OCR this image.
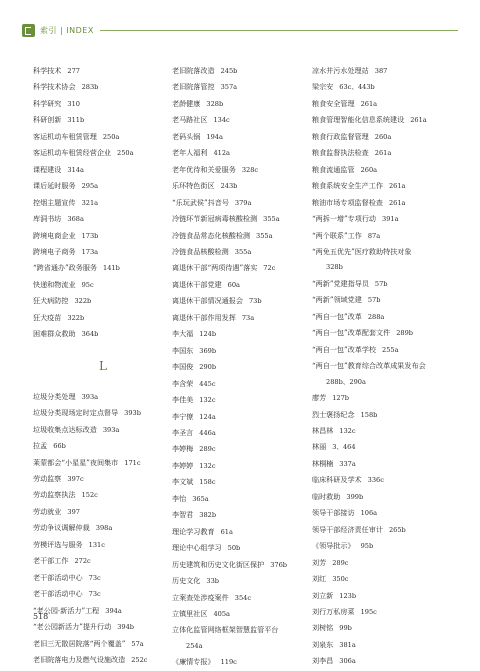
索引 | INDEX
科学技术 277
科学技术协会 283b
科学研究 310
科研创新 311b
客运机动车租赁管理 250a
客运机动车租赁经营企业 250a
课程建设 314a
课后延时服务 295a
控烟主题宣传 321a
库洞书坊 368a
跨境电商企业 173b
跨境电子商务 173a
“跨省通办”政务服务 141b
快递和物流业 95c
狂犬病防控 322b
狂犬疫苗 322b
困难群众救助 364b
L
垃圾分类处理 393a
垃圾分类现场定时定点督导 393b
垃圾收集点达标改造 393a
拉孟 66b
莱蒙都会“小星星”夜间集市 171c
劳动监察 397c
劳动监察执法 152c
劳动就业 397
劳动争议调解仲裁 398a
劳模评选与服务 131c
老干部工作 272c
老干部活动中心 73c
老干部活动中心 73c
“老公园·新活力”工程 394a
“老公园新活力”提升行动 394b
老旧三无散居院落“两个覆盖” 57a
老旧院落电力及燃气设施改造 252c
老旧院落改造 245b
老旧院落管控 357a
老龄健康 328b
老马路社区 134c
老码头锅 194a
老年人福利 412a
老年优待和关爱服务 328c
乐环特色街区 243b
“乐玩武侯”抖音号 379a
冷链环节新冠病毒核酸检测 355a
冷链食品常态化核酸检测 355a
冷链食品核酸检测 355a
离退休干部“两项待遇”落实 72c
离退休干部党建 60a
离退休干部情况通报会 73b
离退休干部作用发挥 73a
李大福 124b
李国东 369b
李国俊 290b
李含荣 445c
李佳美 132c
李宁僚 124a
李圣言 446a
李婷梅 289c
李婷婷 132c
李文斌 158c
李怡 365a
李智君 382b
理论学习教育 61a
理论中心组学习 50b
历史建筑和历史文化街区保护 376b
历史文化 33b
立案查处涉疫案件 354c
立镇里社区 405a
立体化监管网络框架智慧监管平台
254a
《廉情专报》 119c
凉水井污水处理站 387
梁宗安 63c、443b
粮食安全管理 261a
粮食管理智能化信息系统建设 261a
粮食行政监督管理 260a
粮食监督执法检查 261a
粮食流通监管 260a
粮食系统安全生产工作 261a
粮油市场专项监督检查 261a
“两拆一增”专项行动 391a
“两个联系”工作 87a
“两免五优先”医疗救助特扶对象
328b
“两新”党建指导员 57b
“两新”领域党建 57b
“两自一包”改革 288a
“两自一包”改革配套文件 289b
“两自一包”改革学校 255a
“两自一包”教育综合改革成果发布会
288b、290a
廖芳 127b
烈士褒扬纪念 158b
林昌林 132c
林丽 3、464
林桐楠 337a
临床科研及学术 336c
临时救助 399b
领导干部接访 106a
领导干部经济责任审计 265b
《领导批示》 95b
刘芳 289c
刘红 350c
刘立新 123b
刘行万私房菜 195c
刘树铭 99b
刘泉东 381a
刘李昌 306a
518
